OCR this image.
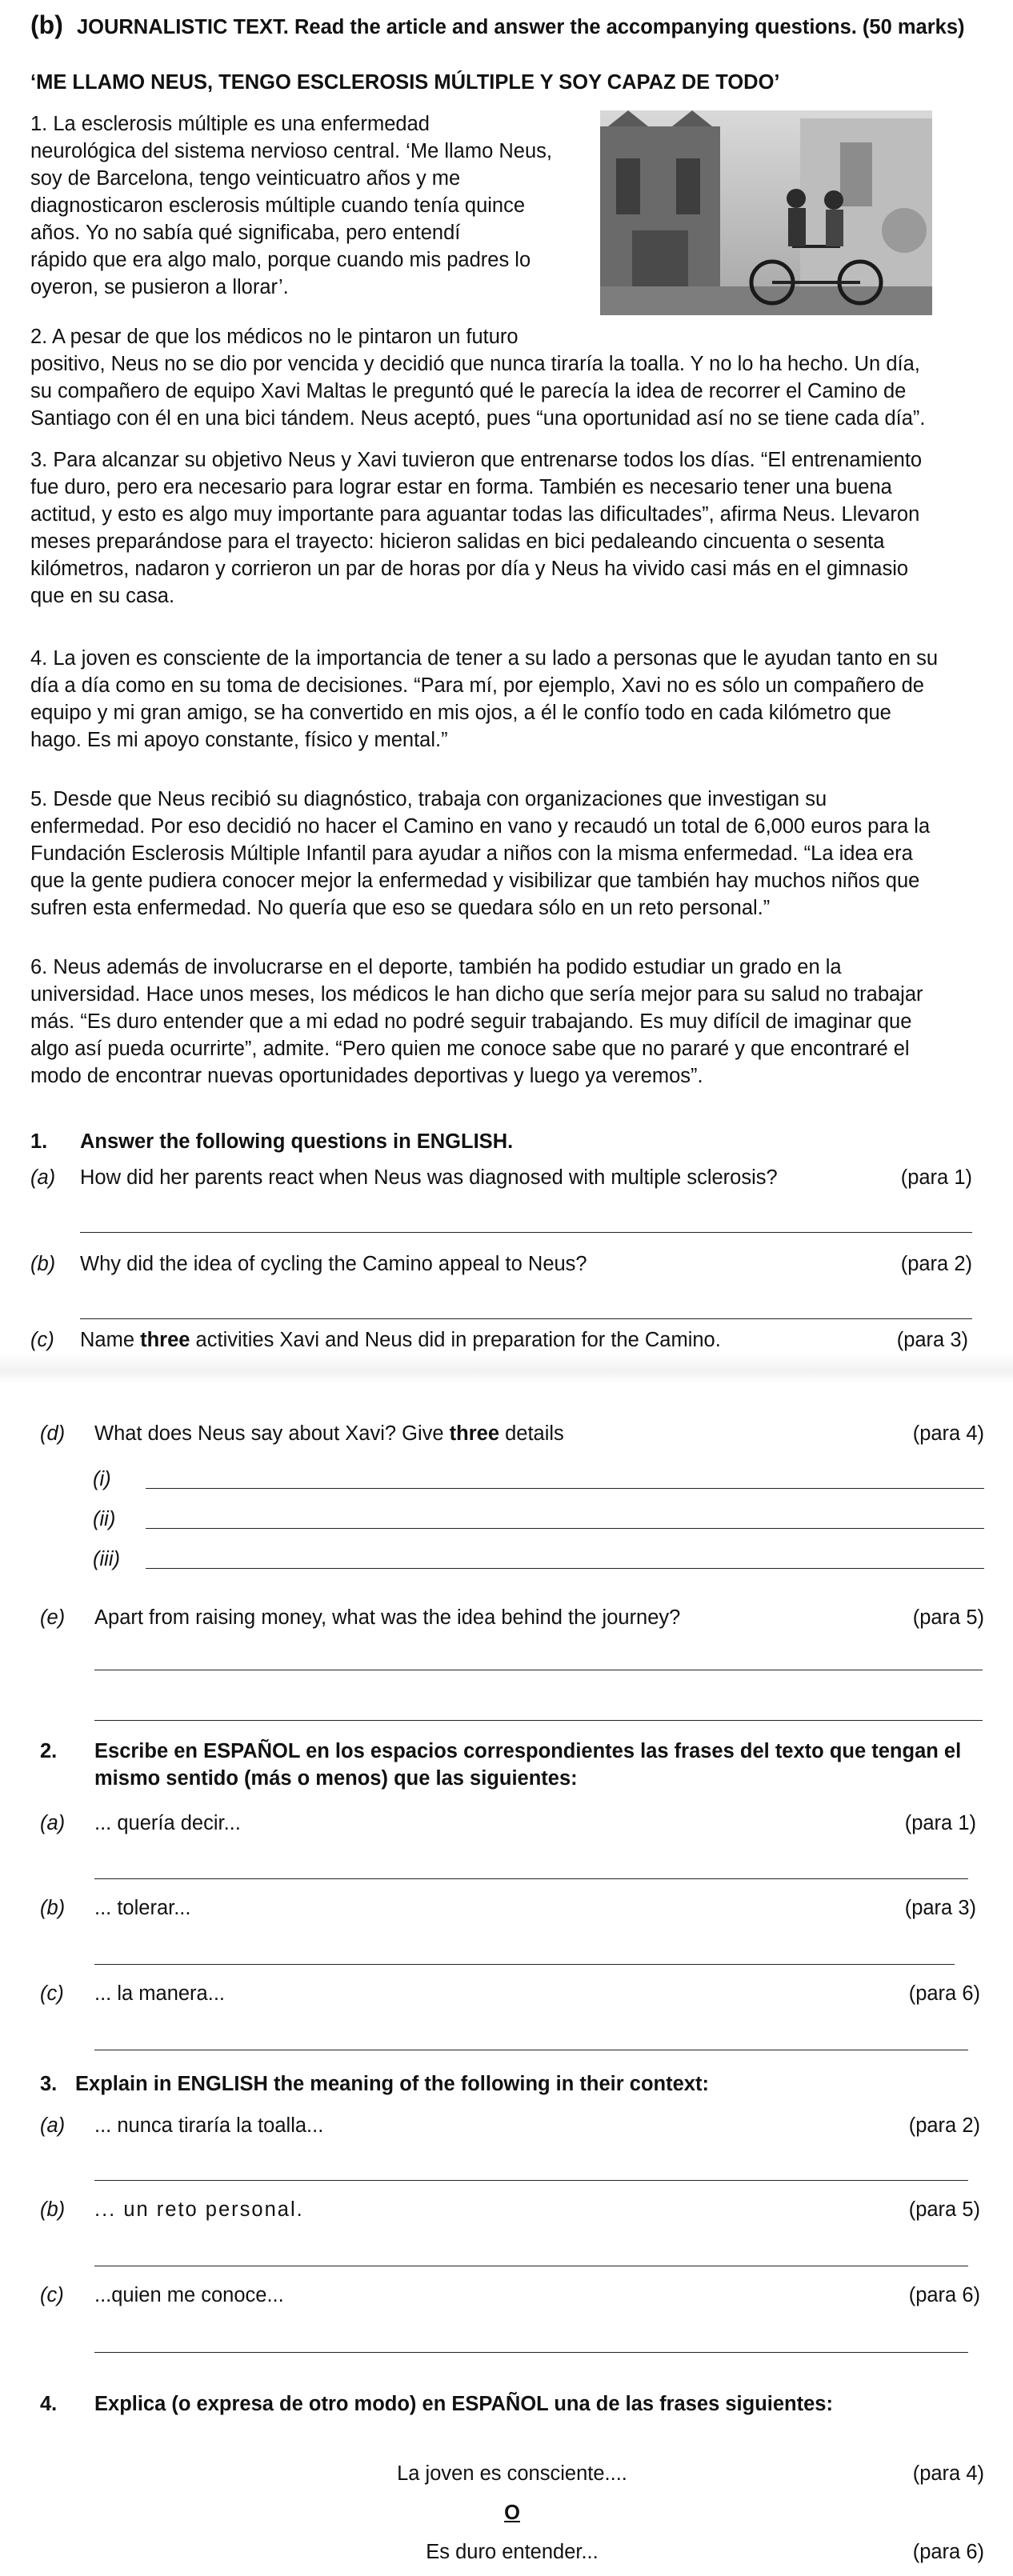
(b) JOURNALISTIC TEXT. Read the article and answer the accompanying questions. (50 marks)
‘ME LLAMO NEUS, TENGO ESCLEROSIS MÚLTIPLE Y SOY CAPAZ DE TODO’
1. La esclerosis múltiple es una enfermedad
neurológica del sistema nervioso central. ‘Me llamo Neus,
soy de Barcelona, tengo veinticuatro años y me
diagnosticaron esclerosis múltiple cuando tenía quince
años. Yo no sabía qué significaba, pero entendí
rápido que era algo malo, porque cuando mis padres lo
oyeron, se pusieron a llorar’.
2. A pesar de que los médicos no le pintaron un futuro
positivo, Neus no se dio por vencida y decidió que nunca tiraría la toalla. Y no lo ha hecho. Un día,
su compañero de equipo Xavi Maltas le preguntó qué le parecía la idea de recorrer el Camino de
Santiago con él en una bici tándem. Neus aceptó, pues “una oportunidad así no se tiene cada día”.
3. Para alcanzar su objetivo Neus y Xavi tuvieron que entrenarse todos los días. “El entrenamiento
fue duro, pero era necesario para lograr estar en forma. También es necesario tener una buena
actitud, y esto es algo muy importante para aguantar todas las dificultades”, afirma Neus. Llevaron
meses preparándose para el trayecto: hicieron salidas en bici pedaleando cincuenta o sesenta
kilómetros, nadaron y corrieron un par de horas por día y Neus ha vivido casi más en el gimnasio
que en su casa.
4. La joven es consciente de la importancia de tener a su lado a personas que le ayudan tanto en su
día a día como en su toma de decisiones. “Para mí, por ejemplo, Xavi no es sólo un compañero de
equipo y mi gran amigo, se ha convertido en mis ojos, a él le confío todo en cada kilómetro que
hago. Es mi apoyo constante, físico y mental.”
5. Desde que Neus recibió su diagnóstico, trabaja con organizaciones que investigan su
enfermedad. Por eso decidió no hacer el Camino en vano y recaudó un total de 6,000 euros para la
Fundación Esclerosis Múltiple Infantil para ayudar a niños con la misma enfermedad. “La idea era
que la gente pudiera conocer mejor la enfermedad y visibilizar que también hay muchos niños que
sufren esta enfermedad. No quería que eso se quedara sólo en un reto personal.”
6. Neus además de involucrarse en el deporte, también ha podido estudiar un grado en la
universidad. Hace unos meses, los médicos le han dicho que sería mejor para su salud no trabajar
más. “Es duro entender que a mi edad no podré seguir trabajando. Es muy difícil de imaginar que
algo así pueda ocurrirte”, admite. “Pero quien me conoce sabe que no pararé y que encontraré el
modo de encontrar nuevas oportunidades deportivas y luego ya veremos”.
1. Answer the following questions in ENGLISH.
(a) How did her parents react when Neus was diagnosed with multiple sclerosis?	(para 1)
(b) Why did the idea of cycling the Camino appeal to Neus?	(para 2)
(c) Name three activities Xavi and Neus did in preparation for the Camino.	(para 3)
(d) What does Neus say about Xavi? Give three details	(para 4)
(i)
(ii)
(iii)
(e) Apart from raising money, what was the idea behind the journey?	(para 5)
2. Escribe en ESPAÑOL en los espacios correspondientes las frases del texto que tengan el
mismo sentido (más o menos) que las siguientes:
(a) ... quería decir...	(para 1)
(b) ... tolerar...	(para 3)
(c) ... la manera...	(para 6)
3. Explain in ENGLISH the meaning of the following in their context:
(a) ... nunca tiraría la toalla...	(para 2)
(b) ... un reto personal.	(para 5)
(c) ...quien me conoce...	(para 6)
4. Explica (o expresa de otro modo) en ESPAÑOL una de las frases siguientes:
La joven es consciente....	(para 4)
O
Es duro entender...	(para 6)
